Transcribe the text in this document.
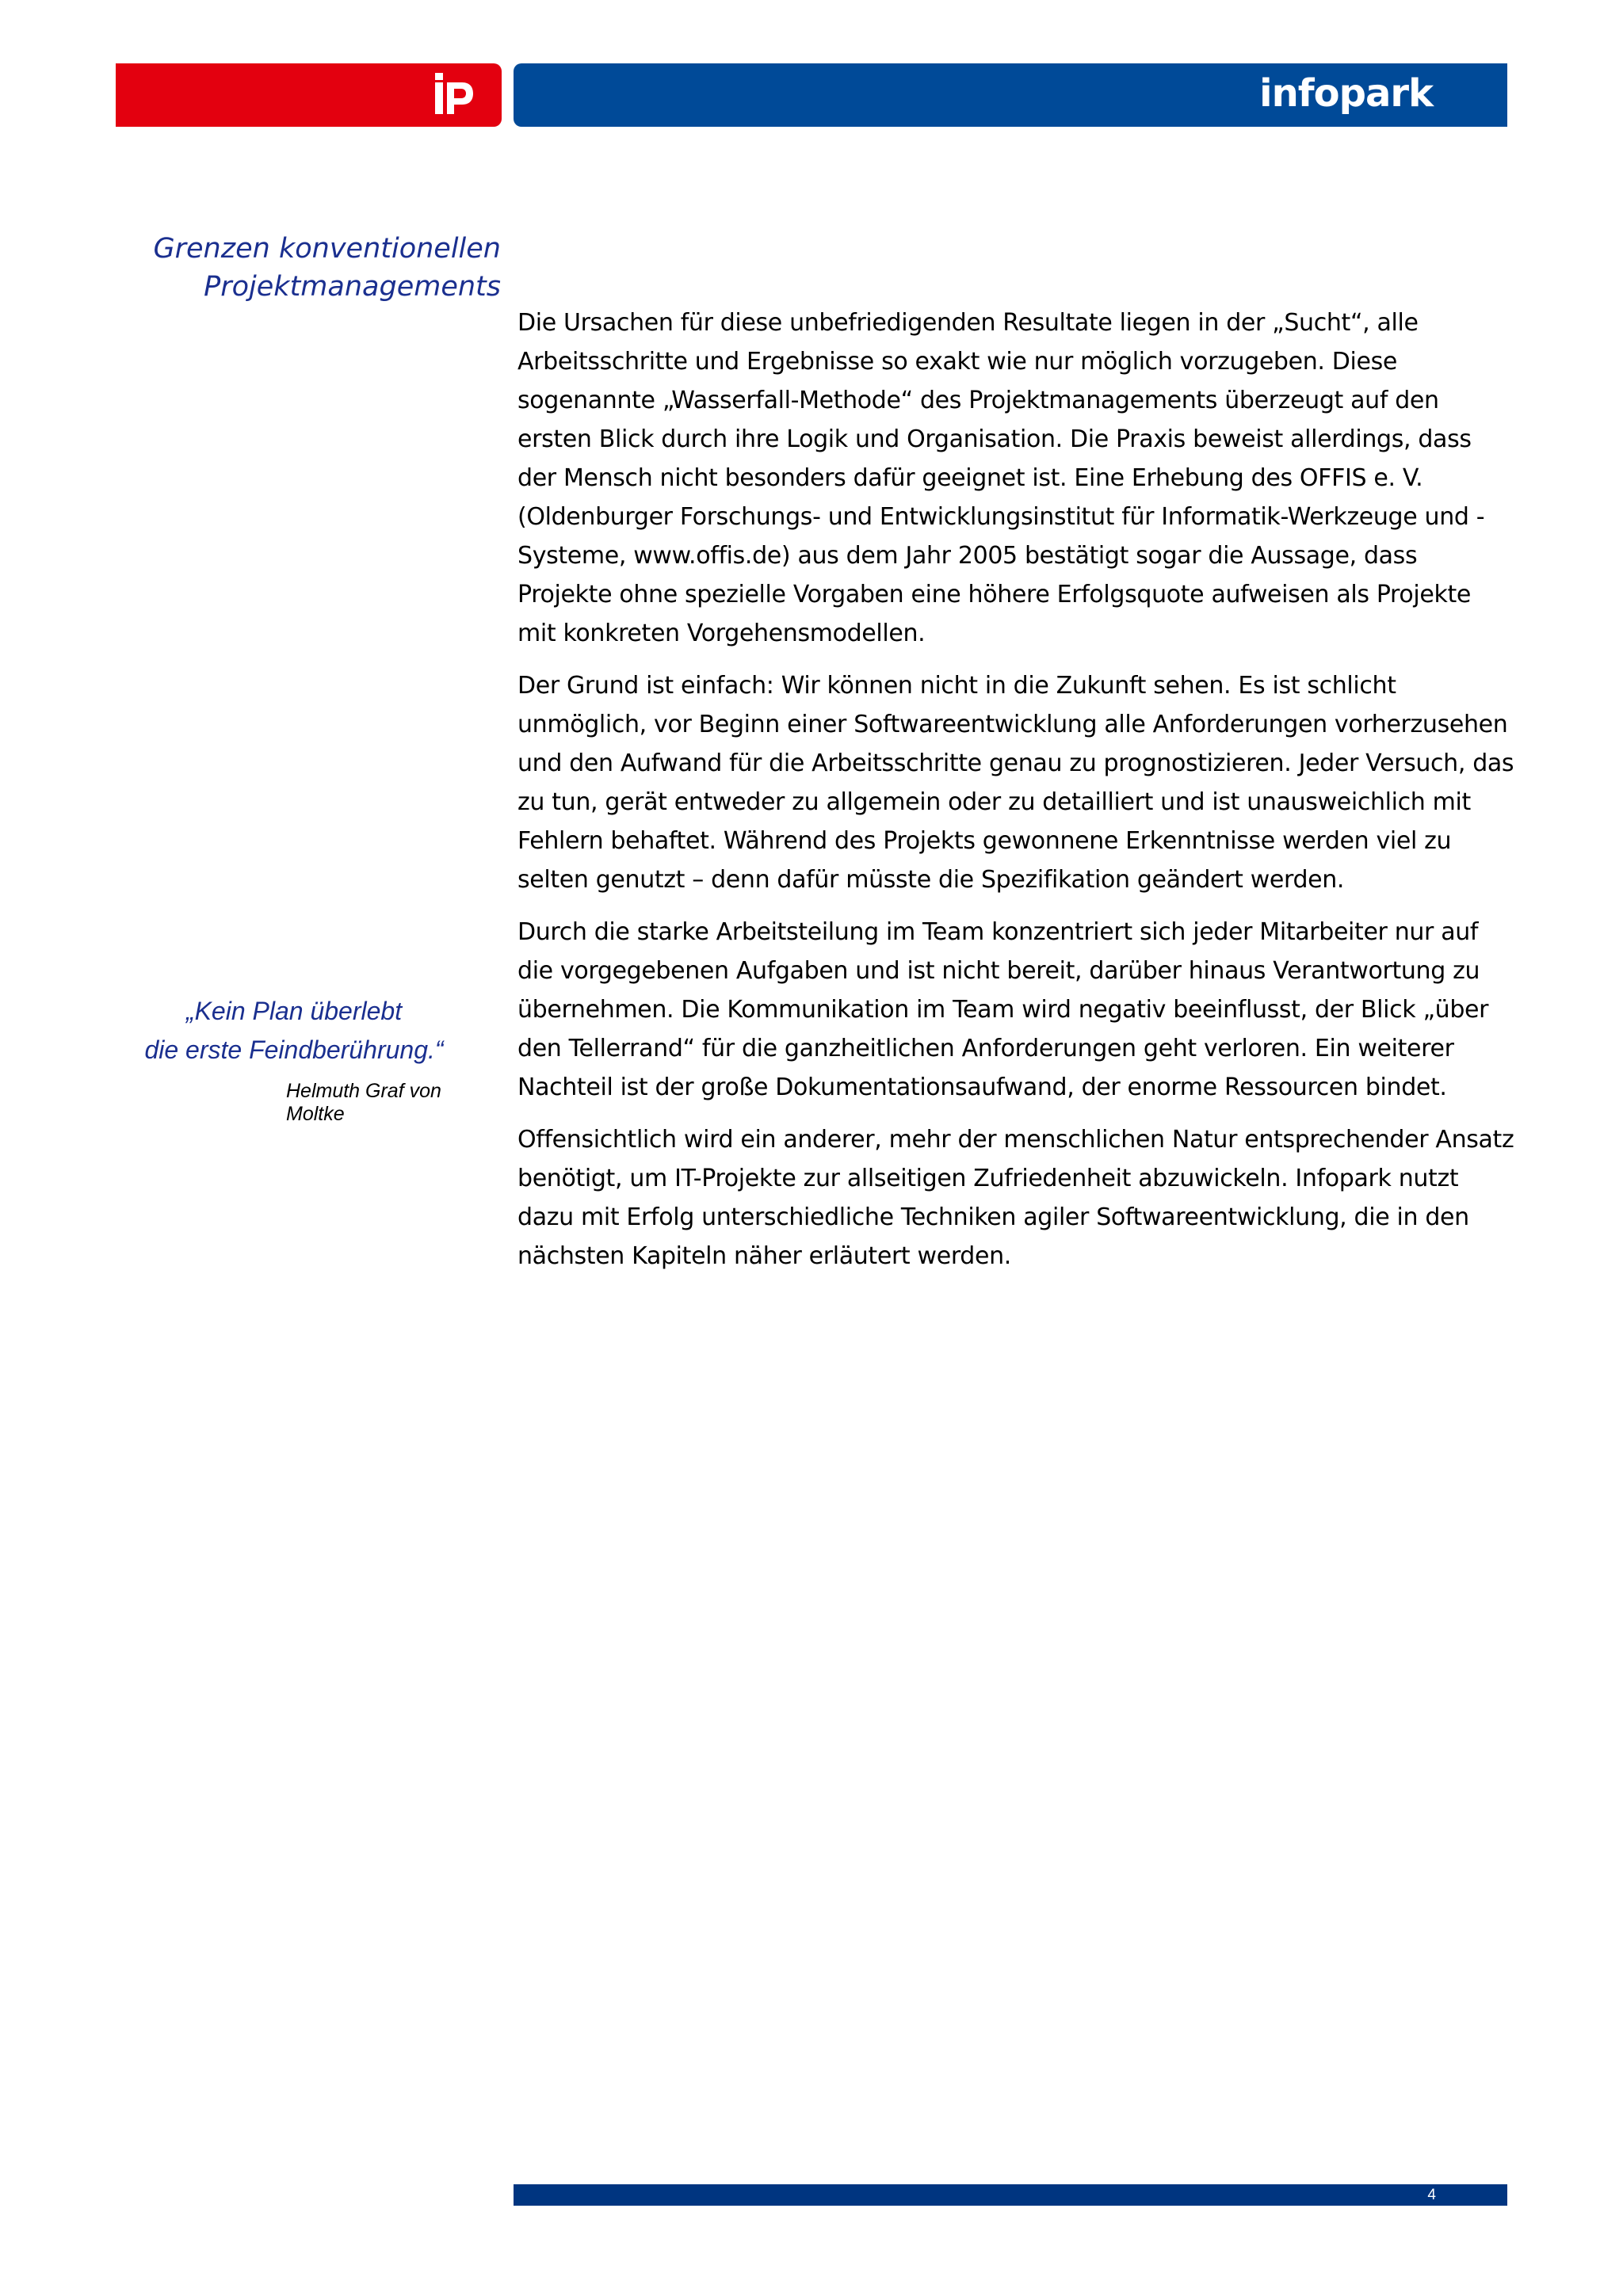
infopark

Grenzen konventionellen

Projektmanagements

„Kein Plan überlebt

die erste Feindberührung.“

Helmuth Graf von
Moltke

Die Ursachen für diese unbefriedigenden Resultate liegen in der „Sucht“, alle Arbeitsschritte und Ergebnisse so exakt wie nur möglich vorzugeben. Diese sogenannte „Wasserfall-Methode“ des Projektmanagements überzeugt auf den ersten Blick durch ihre Logik und Organisation. Die Praxis beweist allerdings, dass der Mensch nicht besonders dafür geeignet ist. Eine Erhebung des OFFIS e. V. (Oldenburger Forschungs- und Entwicklungsinstitut für Informatik-Werkzeuge und -Systeme, www.offis.de) aus dem Jahr 2005 bestätigt sogar die Aussage, dass Projekte ohne spezielle Vorgaben eine höhere Erfolgsquote aufweisen als Projekte mit konkreten Vorgehensmodellen.

Der Grund ist einfach: Wir können nicht in die Zukunft sehen. Es ist schlicht unmöglich, vor Beginn einer Softwareentwicklung alle Anforderungen vorherzusehen und den Aufwand für die Arbeitsschritte genau zu prognostizieren. Jeder Versuch, das zu tun, gerät entweder zu allgemein oder zu detailliert und ist unausweichlich mit Fehlern behaftet. Während des Projekts gewonnene Erkenntnisse werden viel zu selten genutzt – denn dafür müsste die Spezifikation geändert werden.

Durch die starke Arbeitsteilung im Team konzentriert sich jeder Mitarbeiter nur auf die vorgegebenen Aufgaben und ist nicht bereit, darüber hinaus Verantwortung zu übernehmen. Die Kommunikation im Team wird negativ beeinflusst, der Blick „über den Tellerrand“ für die ganzheitlichen Anforderungen geht verloren. Ein weiterer Nachteil ist der große Dokumentationsaufwand, der enorme Ressourcen bindet.

Offensichtlich wird ein anderer, mehr der menschlichen Natur entsprechender Ansatz benötigt, um IT-Projekte zur allseitigen Zufriedenheit abzuwickeln. Infopark nutzt dazu mit Erfolg unterschiedliche Techniken agiler Softwareentwicklung, die in den nächsten Kapiteln näher erläutert werden.

4
